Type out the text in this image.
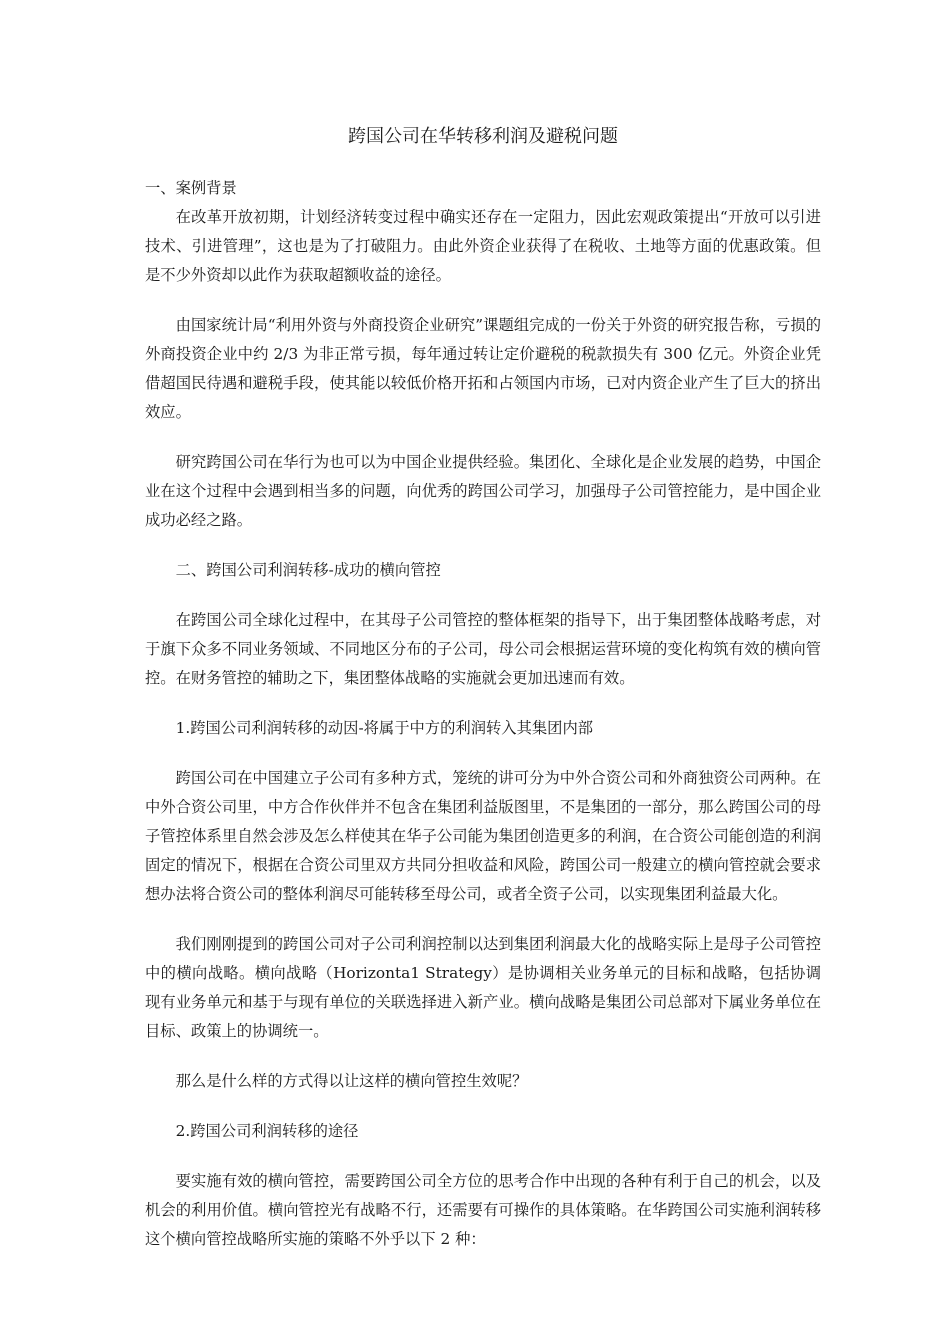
跨国公司在华转移利润及避税问题

一、案例背景

在改革开放初期，计划经济转变过程中确实还存在一定阻力，因此宏观政策提出“开放可以引进技术、引进管理”，这也是为了打破阻力。由此外资企业获得了在税收、土地等方面的优惠政策。但是不少外资却以此作为获取超额收益的途径。

由国家统计局“利用外资与外商投资企业研究”课题组完成的一份关于外资的研究报告称，亏损的外商投资企业中约 2/3 为非正常亏损，每年通过转让定价避税的税款损失有 300 亿元。外资企业凭借超国民待遇和避税手段，使其能以较低价格开拓和占领国内市场，已对内资企业产生了巨大的挤出效应。

研究跨国公司在华行为也可以为中国企业提供经验。集团化、全球化是企业发展的趋势，中国企业在这个过程中会遇到相当多的问题，向优秀的跨国公司学习，加强母子公司管控能力，是中国企业成功必经之路。

二、跨国公司利润转移-成功的横向管控

在跨国公司全球化过程中，在其母子公司管控的整体框架的指导下，出于集团整体战略考虑，对于旗下众多不同业务领域、不同地区分布的子公司，母公司会根据运营环境的变化构筑有效的横向管控。在财务管控的辅助之下，集团整体战略的实施就会更加迅速而有效。

1.跨国公司利润转移的动因-将属于中方的利润转入其集团内部

跨国公司在中国建立子公司有多种方式，笼统的讲可分为中外合资公司和外商独资公司两种。在中外合资公司里，中方合作伙伴并不包含在集团利益版图里，不是集团的一部分，那么跨国公司的母子管控体系里自然会涉及怎么样使其在华子公司能为集团创造更多的利润，在合资公司能创造的利润固定的情况下，根据在合资公司里双方共同分担收益和风险，跨国公司一般建立的横向管控就会要求想办法将合资公司的整体利润尽可能转移至母公司，或者全资子公司，以实现集团利益最大化。

我们刚刚提到的跨国公司对子公司利润控制以达到集团利润最大化的战略实际上是母子公司管控中的横向战略。横向战略（Horizonta1 Strategy）是协调相关业务单元的目标和战略，包括协调现有业务单元和基于与现有单位的关联选择进入新产业。横向战略是集团公司总部对下属业务单位在目标、政策上的协调统一。

那么是什么样的方式得以让这样的横向管控生效呢？

2.跨国公司利润转移的途径

要实施有效的横向管控，需要跨国公司全方位的思考合作中出现的各种有利于自己的机会，以及机会的利用价值。横向管控光有战略不行，还需要有可操作的具体策略。在华跨国公司实施利润转移这个横向管控战略所实施的策略不外乎以下 2 种：
